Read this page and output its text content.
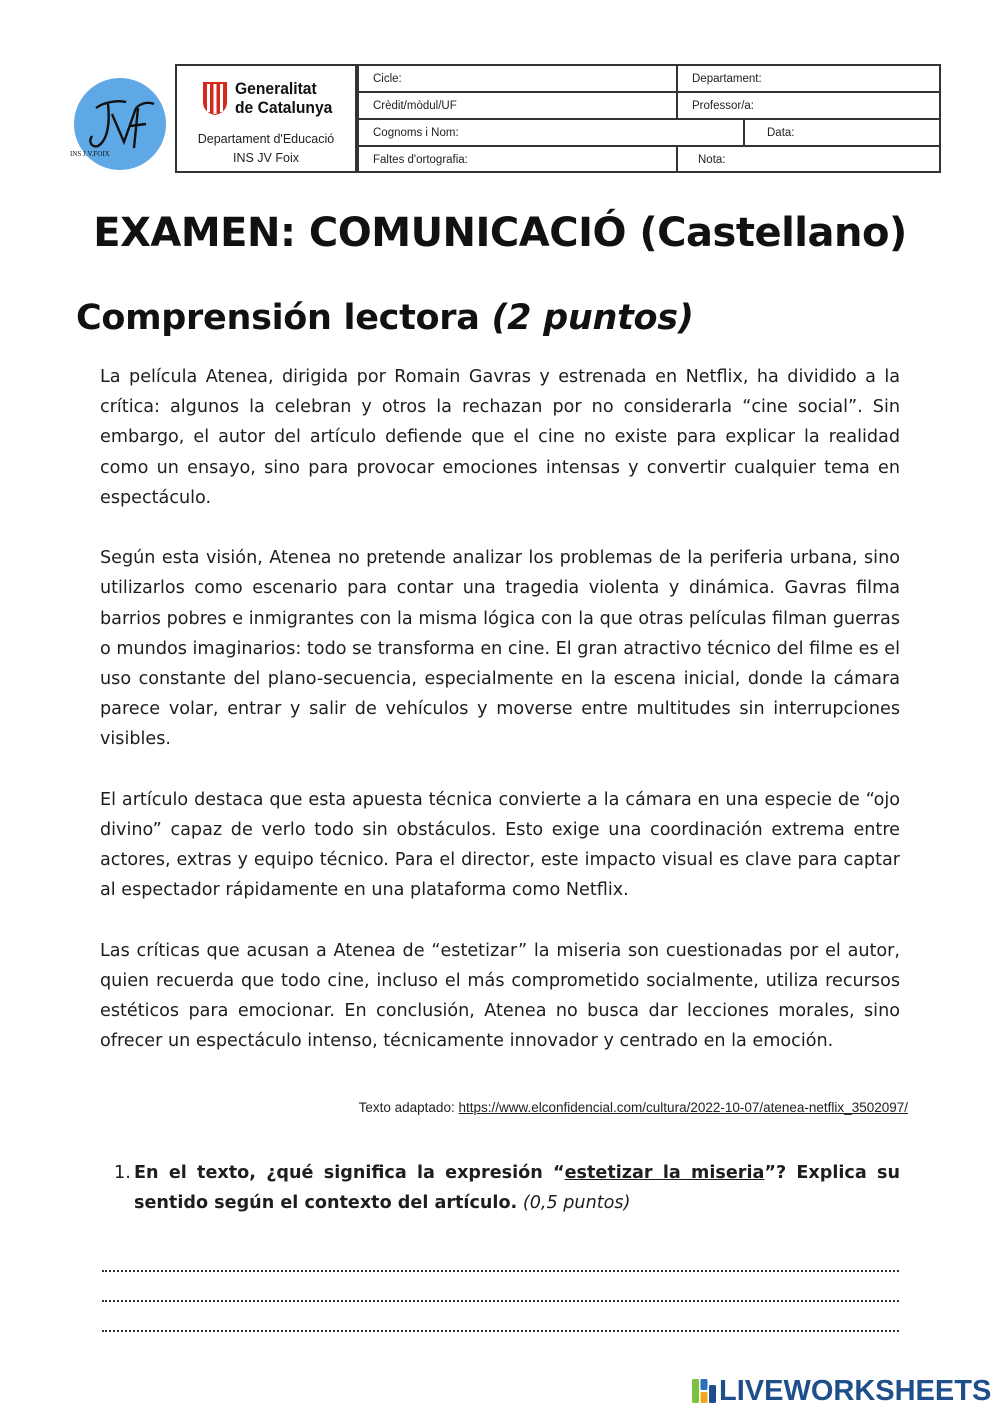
INS J.V.FOIX
Generalitat
de Catalunya
Departament d'Educació
INS JV Foix
Cicle:	Departament:
Crèdit/mòdul/UF	Professor/a:
Cognoms i Nom:	Data:
Faltes d'ortografia:	Nota:
EXAMEN: COMUNICACIÓ (Castellano)
Comprensión lectora (2 puntos)

La película Atenea, dirigida por Romain Gavras y estrenada en Netflix, ha dividido a la crítica: algunos la celebran y otros la rechazan por no considerarla “cine social”. Sin embargo, el autor del artículo defiende que el cine no existe para explicar la realidad como un ensayo, sino para provocar emociones intensas y convertir cualquier tema en espectáculo.

Según esta visión, Atenea no pretende analizar los problemas de la periferia urbana, sino utilizarlos como escenario para contar una tragedia violenta y dinámica. Gavras filma barrios pobres e inmigrantes con la misma lógica con la que otras películas filman guerras o mundos imaginarios: todo se transforma en cine. El gran atractivo técnico del filme es el uso constante del plano-secuencia, especialmente en la escena inicial, donde la cámara parece volar, entrar y salir de vehículos y moverse entre multitudes sin interrupciones visibles.

El artículo destaca que esta apuesta técnica convierte a la cámara en una especie de “ojo divino” capaz de verlo todo sin obstáculos. Esto exige una coordinación extrema entre actores, extras y equipo técnico. Para el director, este impacto visual es clave para captar al espectador rápidamente en una plataforma como Netflix.

Las críticas que acusan a Atenea de “estetizar” la miseria son cuestionadas por el autor, quien recuerda que todo cine, incluso el más comprometido socialmente, utiliza recursos estéticos para emocionar. En conclusión, Atenea no busca dar lecciones morales, sino ofrecer un espectáculo intenso, técnicamente innovador y centrado en la emoción.

Texto adaptado: https://www.elconfidencial.com/cultura/2022-10-07/atenea-netflix_3502097/
1. En el texto, ¿qué significa la expresión “estetizar la miseria”? Explica su sentido según el contexto del artículo. (0,5 puntos)
LIVEWORKSHEETS
